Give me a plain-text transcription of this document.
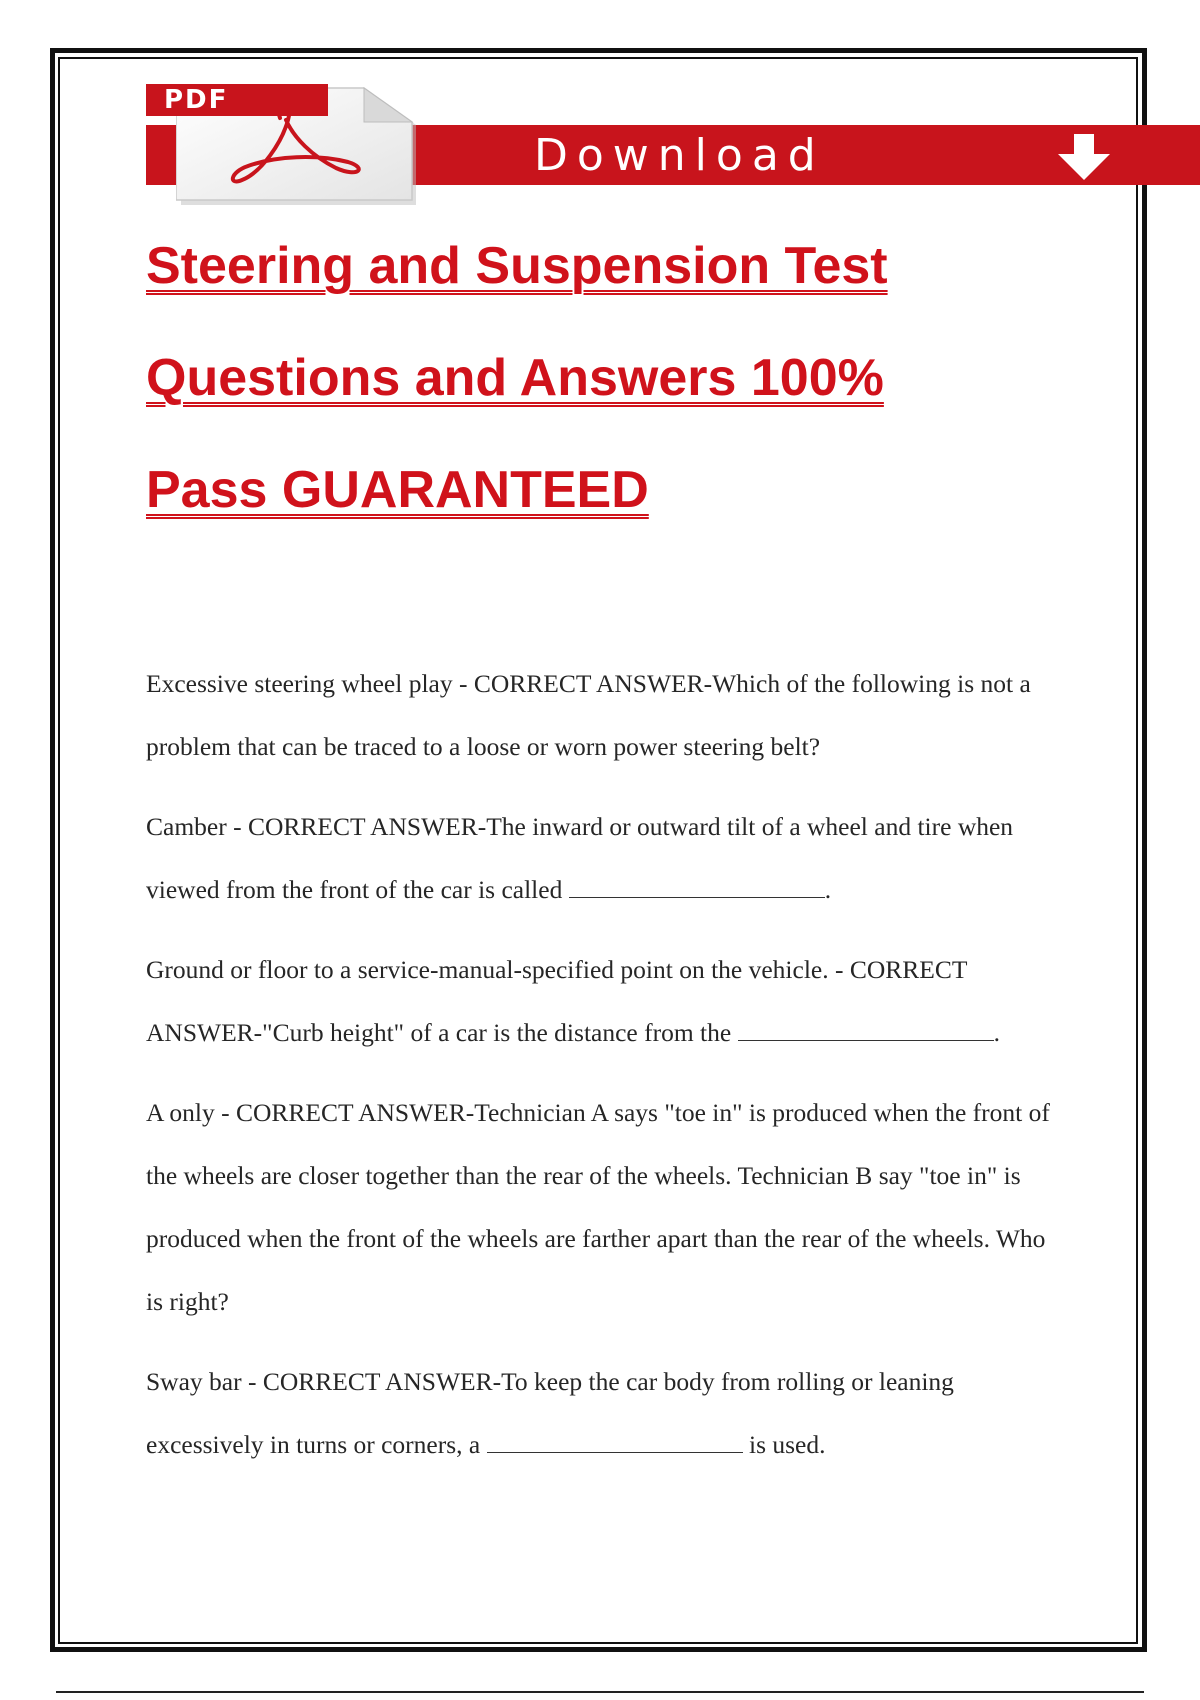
PDF
Download
Steering and Suspension Test
Questions and Answers 100%
Pass GUARANTEED

Excessive steering wheel play - CORRECT ANSWER-Which of the following is not a problem that can be traced to a loose or worn power steering belt?

Camber - CORRECT ANSWER-The inward or outward tilt of a wheel and tire when viewed from the front of the car is called	.

Ground or floor to a service-manual-specified point on the vehicle. - CORRECT ANSWER-"Curb height" of a car is the distance from the	.

A only - CORRECT ANSWER-Technician A says "toe in" is produced when the front of the wheels are closer together than the rear of the wheels. Technician B say "toe in" is produced when the front of the wheels are farther apart than the rear of the wheels. Who is right?

Sway bar - CORRECT ANSWER-To keep the car body from rolling or leaning excessively in turns or corners, a	is used.
